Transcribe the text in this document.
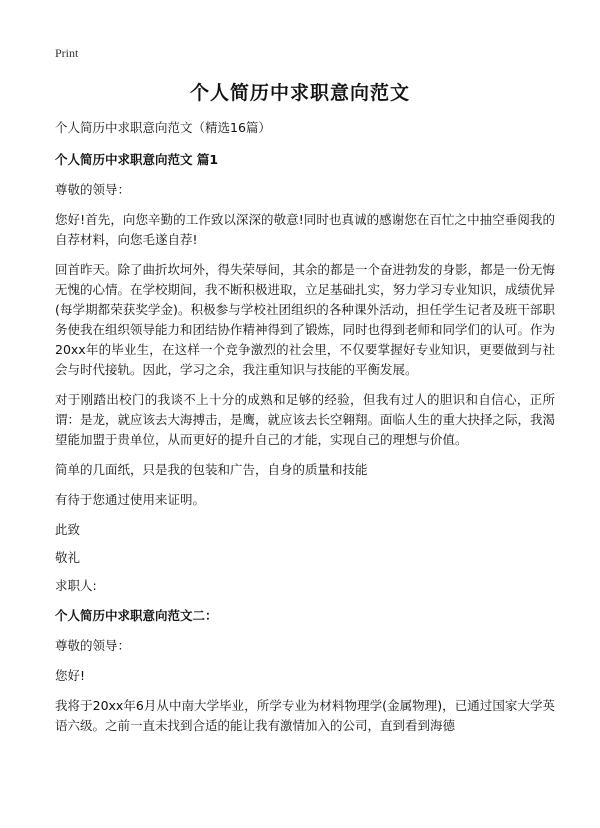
Print
个人简历中求职意向范文

个人简历中求职意向范文（精选16篇）

个人简历中求职意向范文 篇1

尊敬的领导：

您好!首先，向您辛勤的工作致以深深的敬意!同时也真诚的感谢您在百忙之中抽空垂阅我的自荐材料，向您毛遂自荐!

回首昨天。除了曲折坎坷外，得失荣辱间，其余的都是一个奋进勃发的身影，都是一份无悔无愧的心情。在学校期间，我不断积极进取，立足基础扎实，努力学习专业知识，成绩优异(每学期都荣获奖学金)。积极参与学校社团组织的各种课外活动，担任学生记者及班干部职务使我在组织领导能力和团结协作精神得到了锻炼，同时也得到老师和同学们的认可。作为20xx年的毕业生，在这样一个竞争激烈的社会里，不仅要掌握好专业知识，更要做到与社会与时代接轨。因此，学习之余，我注重知识与技能的平衡发展。

对于刚踏出校门的我谈不上十分的成熟和足够的经验，但我有过人的胆识和自信心，正所谓：是龙，就应该去大海搏击，是鹰，就应该去长空翱翔。面临人生的重大抉择之际，我渴望能加盟于贵单位，从而更好的提升自己的才能，实现自己的理想与价值。

简单的几面纸，只是我的包装和广告，自身的质量和技能

有待于您通过使用来证明。

此致

敬礼

求职人:

个人简历中求职意向范文二：

尊敬的领导：

您好!

我将于20xx年6月从中南大学毕业，所学专业为材料物理学(金属物理)，已通过国家大学英语六级。之前一直未找到合适的能让我有激情加入的公司，直到看到海德
